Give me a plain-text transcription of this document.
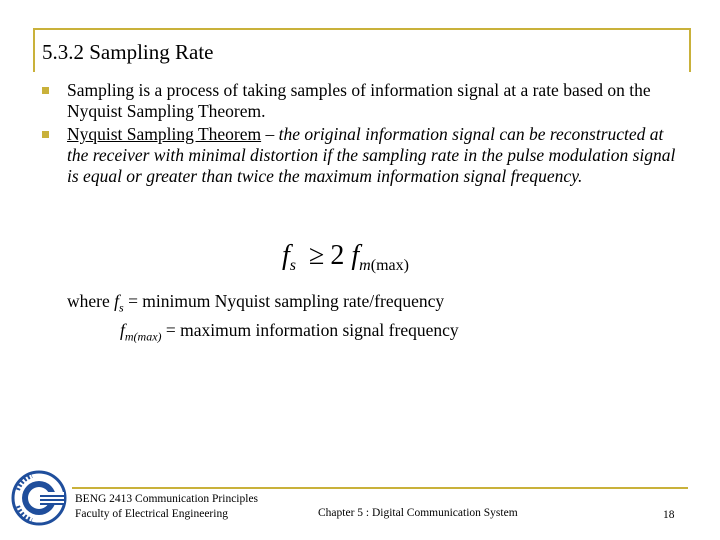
5.3.2 Sampling Rate
Sampling is a process of taking samples of information signal at a rate based on the Nyquist Sampling Theorem.
Nyquist Sampling Theorem – the original information signal can be reconstructed at the receiver with minimal distortion if the sampling rate in the pulse modulation signal is equal or greater than twice the maximum information signal frequency.
$f_s \ge 2$ $f_{m(max)}$
where $f_s$ = minimum Nyquist sampling rate/frequency
$f_{m(max)}$ = maximum information signal frequency
BENG 2413 Communication Principles
Faculty of Electrical Engineering	Chapter 5 : Digital Communication System	18
